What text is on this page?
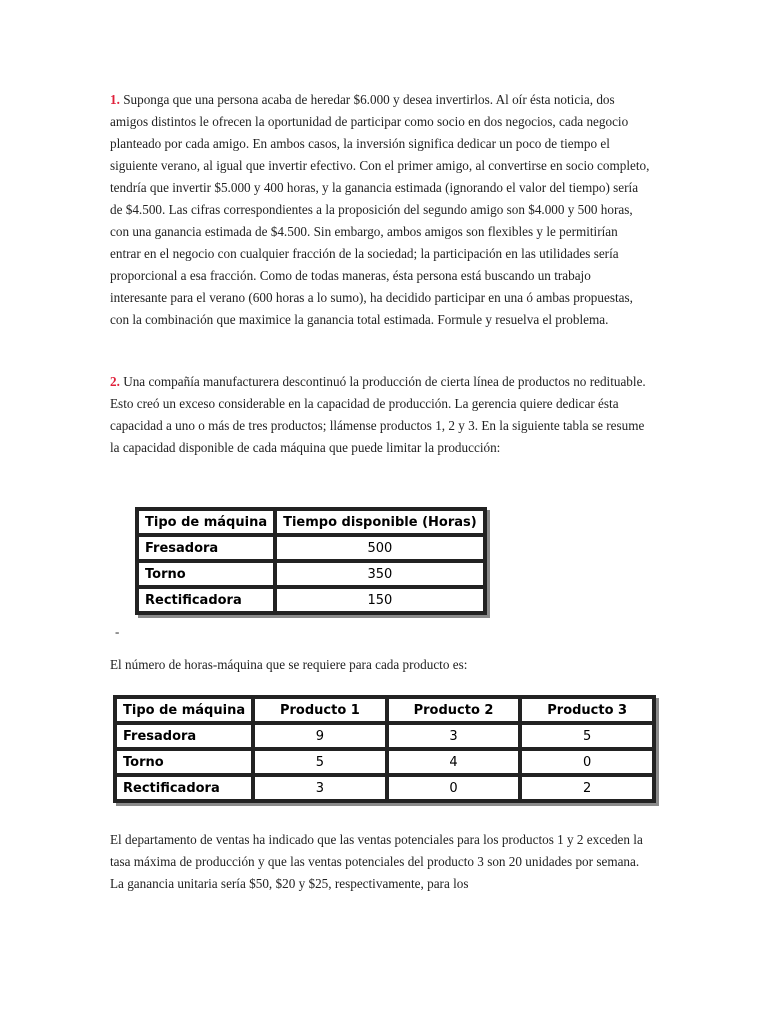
1. Suponga que una persona acaba de heredar $6.000 y desea invertirlos. Al oír ésta noticia, dos amigos distintos le ofrecen la oportunidad de participar como socio en dos negocios, cada negocio planteado por cada amigo. En ambos casos, la inversión significa dedicar un poco de tiempo el siguiente verano, al igual que invertir efectivo. Con el primer amigo, al convertirse en socio completo, tendría que invertir $5.000 y 400 horas, y la ganancia estimada (ignorando el valor del tiempo) sería de $4.500. Las cifras correspondientes a la proposición del segundo amigo son $4.000 y 500 horas, con una ganancia estimada de $4.500. Sin embargo, ambos amigos son flexibles y le permitirían entrar en el negocio con cualquier fracción de la sociedad; la participación en las utilidades sería proporcional a esa fracción. Como de todas maneras, ésta persona está buscando un trabajo interesante para el verano (600 horas a lo sumo), ha decidido participar en una ó ambas propuestas, con la combinación que maximice la ganancia total estimada. Formule y resuelva el problema.

2. Una compañía manufacturera descontinuó la producción de cierta línea de productos no redituable. Esto creó un exceso considerable en la capacidad de producción. La gerencia quiere dedicar ésta capacidad a uno o más de tres productos; llámense productos 1, 2 y 3. En la siguiente tabla se resume la capacidad disponible de cada máquina que puede limitar la producción:

Tipo de máquina	Tiempo disponible (Horas)
Fresadora	500
Torno	350
Rectificadora	150
-

El número de horas-máquina que se requiere para cada producto es:

Tipo de máquina	Producto 1	Producto 2	Producto 3
Fresadora	9	3	5
Torno	5	4	0
Rectificadora	3	0	2

El departamento de ventas ha indicado que las ventas potenciales para los productos 1 y 2 exceden la tasa máxima de producción y que las ventas potenciales del producto 3 son 20 unidades por semana. La ganancia unitaria sería $50, $20 y $25, respectivamente, para los
